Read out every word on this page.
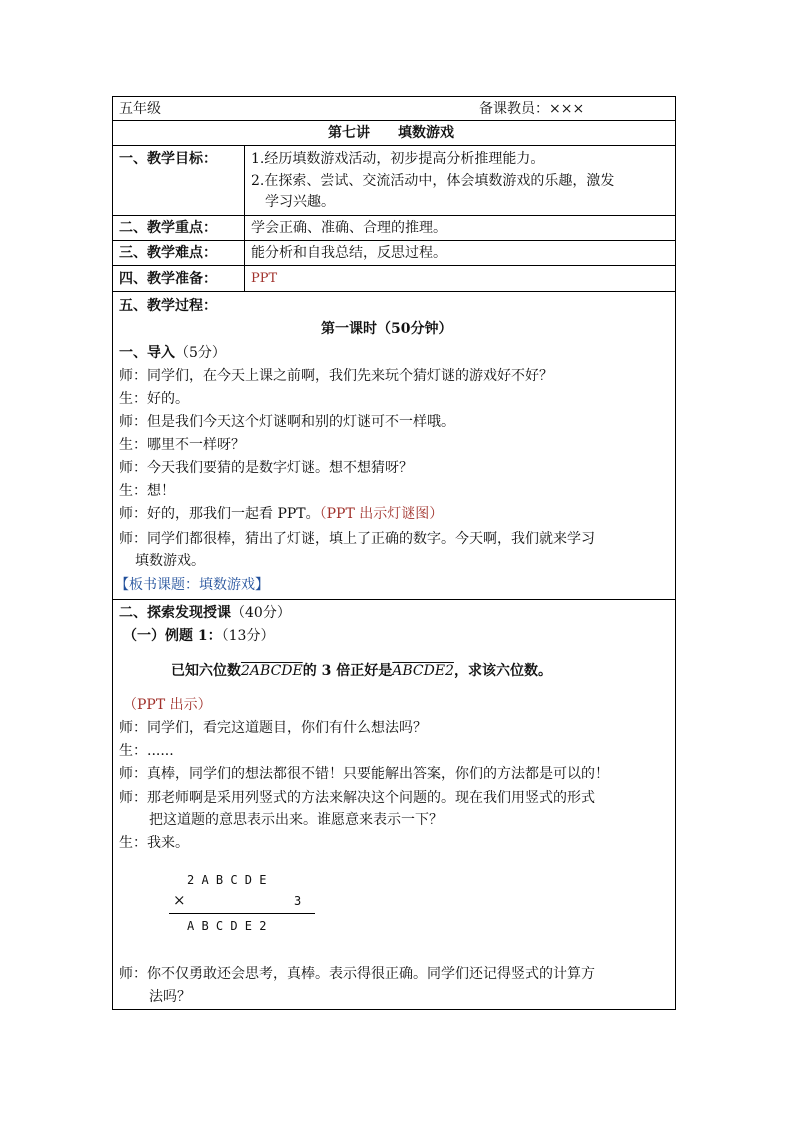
五年级	备课教员：×××
第七讲　　填数游戏
一、教学目标： 1.经历填数游戏活动，初步提高分析推理能力。
2.在探索、尝试、交流活动中，体会填数游戏的乐趣，激发
学习兴趣。
二、教学重点： 学会正确、准确、合理的推理。
三、教学难点： 能分析和自我总结，反思过程。
四、教学准备：	PPT
五、教学过程：
第一课时（50分钟）
一、导入（5分）
师：同学们，在今天上课之前啊，我们先来玩个猜灯谜的游戏好不好？
生：好的。
师：但是我们今天这个灯谜啊和别的灯谜可不一样哦。
生：哪里不一样呀？
师：今天我们要猜的是数字灯谜。想不想猜呀？
生：想！
师：好的，那我们一起看 PPT。（PPT 出示灯谜图）
师：同学们都很棒，猜出了灯谜，填上了正确的数字。今天啊，我们就来学习
填数游戏。
【板书课题：填数游戏】
二、探索发现授课（40分）
（一）例题 1：（13分）
已知六位数2ABCDE的 3 倍正好是ABCDE2，求该六位数。
（PPT 出示）
师：同学们，看完这道题目，你们有什么想法吗？
生：......
师：真棒，同学们的想法都很不错！只要能解出答案，你们的方法都是可以的！
师：那老师啊是采用列竖式的方法来解决这个问题的。现在我们用竖式的形式
把这道题的意思表示出来。谁愿意来表示一下？
生：我来。
2 A B C D E
×	3
A B C D E 2
师：你不仅勇敢还会思考，真棒。表示得很正确。同学们还记得竖式的计算方
法吗？
